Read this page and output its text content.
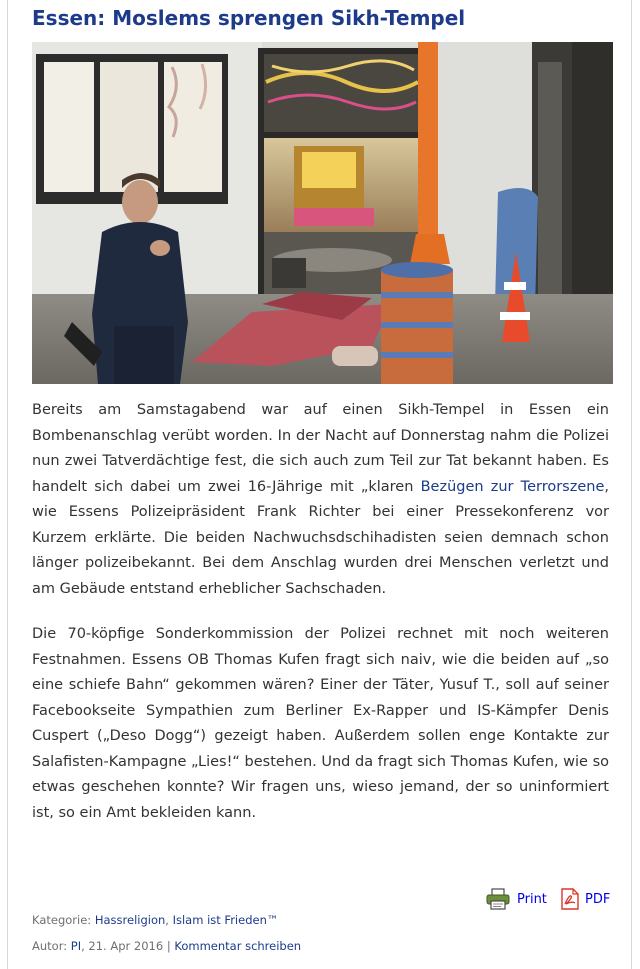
Essen: Moslems sprengen Sikh-Tempel

Bereits am Samstagabend war auf einen Sikh-Tempel in Essen ein Bombenanschlag verübt worden. In der Nacht auf Donnerstag nahm die Polizei nun zwei Tatverdächtige fest, die sich auch zum Teil zur Tat bekannt haben. Es handelt sich dabei um zwei 16-Jährige mit „klaren Bezügen zur Terrorszene, wie Essens Polizeipräsident Frank Richter bei einer Pressekonferenz vor Kurzem erklärte. Die beiden Nachwuchsdschihadisten seien demnach schon länger polizeibekannt. Bei dem Anschlag wurden drei Menschen verletzt und am Gebäude entstand erheblicher Sachschaden.

Die 70-köpfige Sonderkommission der Polizei rechnet mit noch weiteren Festnahmen. Essens OB Thomas Kufen fragt sich naiv, wie die beiden auf „so eine schiefe Bahn“ gekommen wären? Einer der Täter, Yusuf T., soll auf seiner Facebookseite Sympathien zum Berliner Ex-Rapper und IS-Kämpfer Denis Cuspert („Deso Dogg“) gezeigt haben. Außerdem sollen enge Kontakte zur Salafisten-Kampagne „Lies!“ bestehen. Und da fragt sich Thomas Kufen, wie so etwas geschehen konnte? Wir fragen uns, wieso jemand, der so uninformiert ist, so ein Amt bekleiden kann.

Print	PDF
Kategorie: Hassreligion, Islam ist Frieden™
Autor: PI, 21. Apr 2016 | Kommentar schreiben
